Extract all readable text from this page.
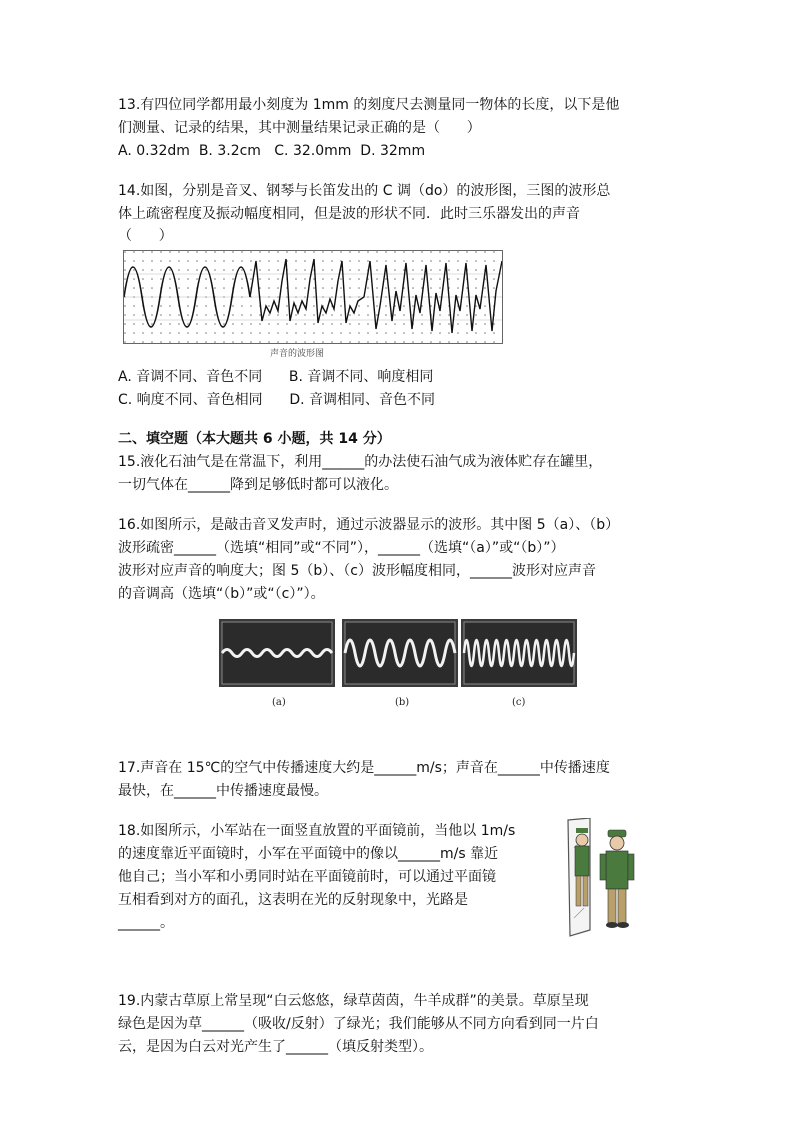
13.有四位同学都用最小刻度为 1mm 的刻度尺去测量同一物体的长度，以下是他
们测量、记录的结果，其中测量结果记录正确的是（      ）
A. 0.32dm  B. 3.2cm   C. 32.0mm  D. 32mm
14.如图，分别是音叉、钢琴与长笛发出的 C 调（do）的波形图，三图的波形总
体上疏密程度及振动幅度相同，但是波的形状不同．此时三乐器发出的声音
（      ）
声音的波形图
A. 音调不同、音色不同      B. 音调不同、响度相同
C. 响度不同、音色相同      D. 音调相同、音色不同
二、填空题（本大题共 6 小题，共 14 分）
15.液化石油气是在常温下，利用______的办法使石油气成为液体贮存在罐里，
一切气体在______降到足够低时都可以液化。
16.如图所示，是敲击音叉发声时，通过示波器显示的波形。其中图 5（a）、（b）
波形疏密______（选填“相同”或“不同”），______（选填“（a）”或“（b）”）
波形对应声音的响度大；图 5（b）、（c）波形幅度相同，______波形对应声音
的音调高（选填“（b）”或“（c）”）。
(a)	(b)	(c)
17.声音在 15℃的空气中传播速度大约是______m/s；声音在______中传播速度
最快，在______中传播速度最慢。
18.如图所示，小军站在一面竖直放置的平面镜前，当他以 1m/s
的速度靠近平面镜时，小军在平面镜中的像以______m/s 靠近
他自己；当小军和小勇同时站在平面镜前时，可以通过平面镜
互相看到对方的面孔，这表明在光的反射现象中，光路是
______。
19.内蒙古草原上常呈现“白云悠悠，绿草茵茵，牛羊成群”的美景。草原呈现
绿色是因为草______（吸收/反射）了绿光；我们能够从不同方向看到同一片白
云，是因为白云对光产生了______（填反射类型）。
